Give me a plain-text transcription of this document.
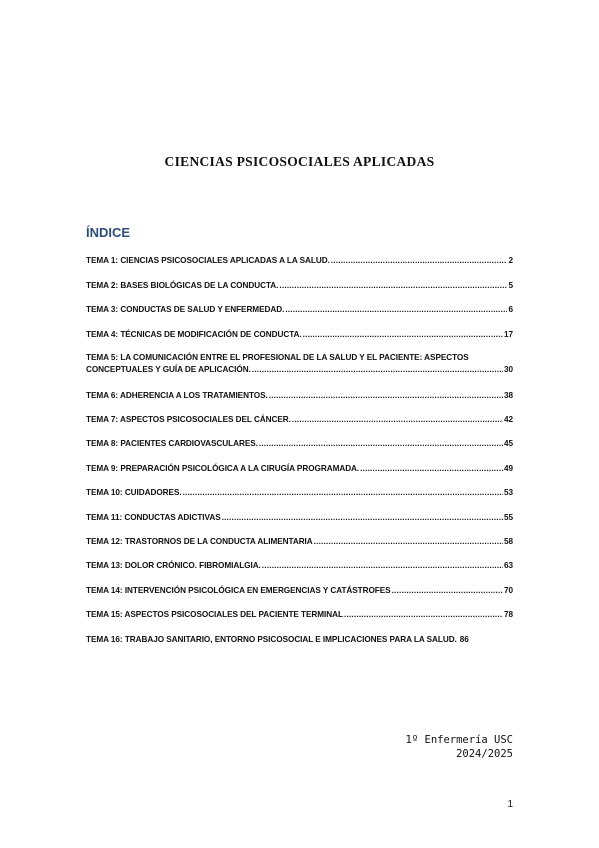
CIENCIAS PSICOSOCIALES APLICADAS
ÍNDICE
TEMA 1: CIENCIAS PSICOSOCIALES APLICADAS A LA SALUD. .....	2
TEMA 2: BASES BIOLÓGICAS DE LA CONDUCTA. .....	5
TEMA 3: CONDUCTAS DE SALUD Y ENFERMEDAD. .....	6
TEMA 4: TÉCNICAS DE MODIFICACIÓN DE CONDUCTA. .....	17
TEMA 5: LA COMUNICACIÓN ENTRE EL PROFESIONAL DE LA SALUD Y EL PACIENTE: ASPECTOS
CONCEPTUALES Y GUÍA DE APLICACIÓN. .....	30
TEMA 6: ADHERENCIA A LOS TRATAMIENTOS. .....	38
TEMA 7: ASPECTOS PSICOSOCIALES DEL CÁNCER. .....	42
TEMA 8: PACIENTES CARDIOVASCULARES. .....	45
TEMA 9: PREPARACIÓN PSICOLÓGICA A LA CIRUGÍA PROGRAMADA. .....	49
TEMA 10: CUIDADORES. .....	53
TEMA 11: CONDUCTAS ADICTIVAS .....	55
TEMA 12: TRASTORNOS DE LA CONDUCTA ALIMENTARIA .....	58
TEMA 13: DOLOR CRÓNICO. FIBROMIALGIA. .....	63
TEMA 14: INTERVENCIÓN PSICOLÓGICA EN EMERGENCIAS Y CATÁSTROFES .....	70
TEMA 15: ASPECTOS PSICOSOCIALES DEL PACIENTE TERMINAL .....	78
TEMA 16: TRABAJO SANITARIO, ENTORNO PSICOSOCIAL E IMPLICACIONES PARA LA SALUD. 86
1º Enfermería USC
2024/2025
1
